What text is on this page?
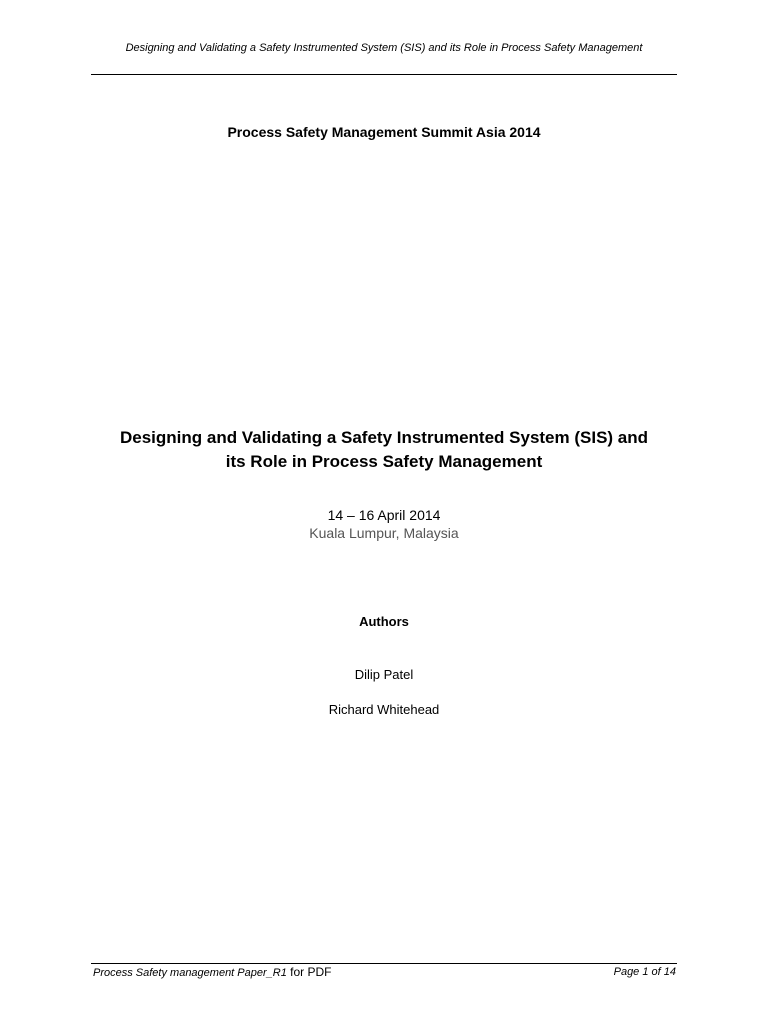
Designing and Validating a Safety Instrumented System (SIS) and its Role in Process Safety Management
Process Safety Management Summit Asia 2014
Designing and Validating a Safety Instrumented System (SIS) and
its Role in Process Safety Management
14 – 16 April 2014
Kuala Lumpur, Malaysia
Authors
Dilip Patel
Richard Whitehead
Process Safety management Paper_R1 for PDF	Page 1 of 14
